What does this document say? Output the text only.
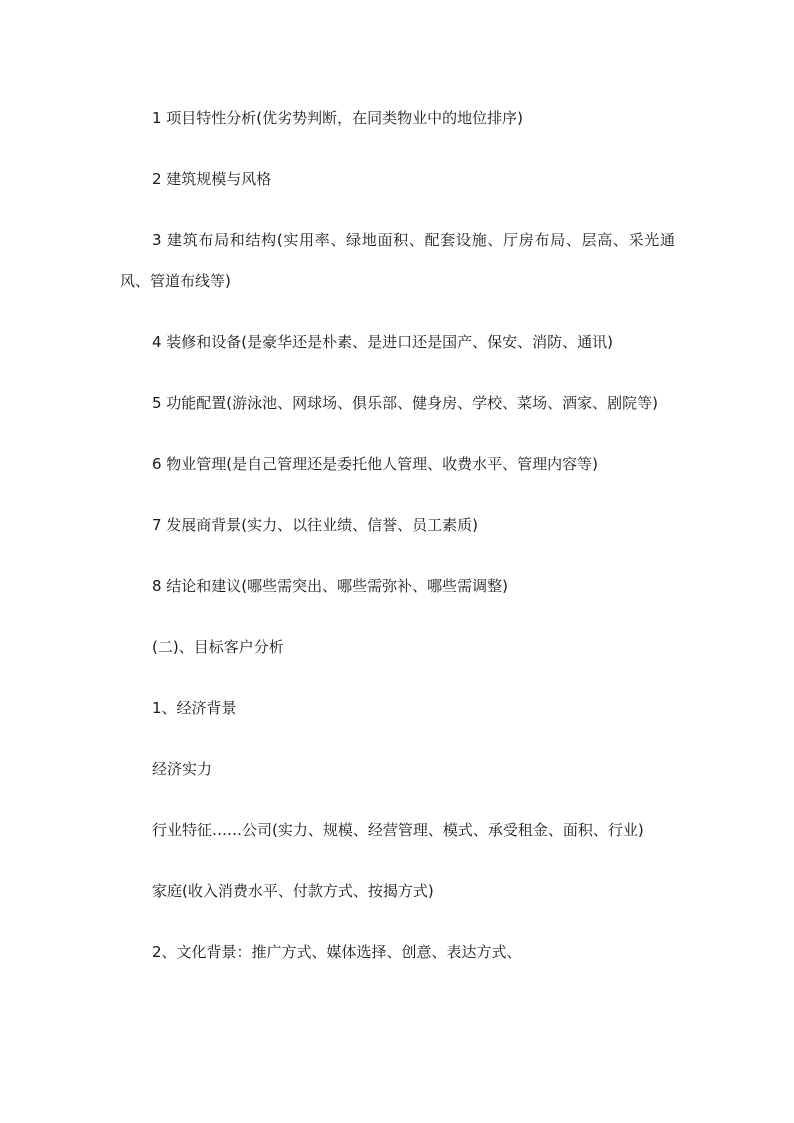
1 项目特性分析(优劣势判断，在同类物业中的地位排序)

2 建筑规模与风格

3 建筑布局和结构(实用率、绿地面积、配套设施、厅房布局、层高、采光通风、管道布线等)

4 装修和设备(是豪华还是朴素、是进口还是国产、保安、消防、通讯)

5 功能配置(游泳池、网球场、俱乐部、健身房、学校、菜场、酒家、剧院等)

6 物业管理(是自己管理还是委托他人管理、收费水平、管理内容等)

7 发展商背景(实力、以往业绩、信誉、员工素质)

8 结论和建议(哪些需突出、哪些需弥补、哪些需调整)

(二)、目标客户分析

1、经济背景

经济实力

行业特征……公司(实力、规模、经营管理、模式、承受租金、面积、行业)

家庭(收入消费水平、付款方式、按揭方式)

2、文化背景：推广方式、媒体选择、创意、表达方式、
